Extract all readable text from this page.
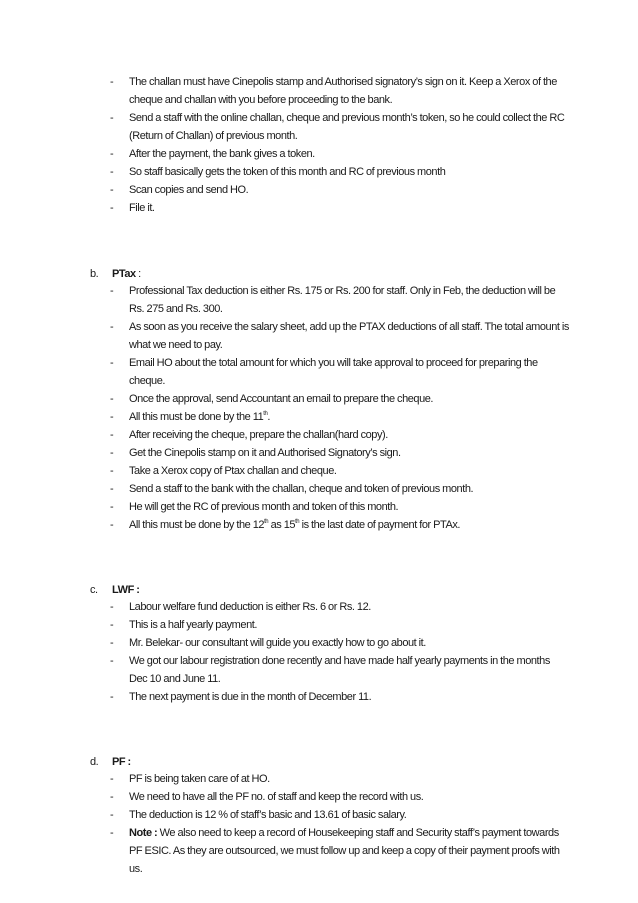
- The challan must have Cinepolis stamp and Authorised signatory’s sign on it. Keep a Xerox of the cheque and challan with you before proceeding to the bank.
- Send a staff with the online challan, cheque and previous month’s token, so he could collect the RC (Return of Challan) of previous month.
- After the payment, the bank gives a token.
- So staff basically gets the token of this month and RC of previous month
- Scan copies and send HO.
- File it.
b. PTax :
- Professional Tax deduction is either Rs. 175 or Rs. 200 for staff. Only in Feb, the deduction will be Rs. 275 and Rs. 300.
- As soon as you receive the salary sheet, add up the PTAX deductions of all staff. The total amount is what we need to pay.
- Email HO about the total amount for which you will take approval to proceed for preparing the cheque.
- Once the approval, send Accountant an email to prepare the cheque.
- All this must be done by the 11th.
- After receiving the cheque, prepare the challan(hard copy).
- Get the Cinepolis stamp on it and Authorised Signatory’s sign.
- Take a Xerox copy of Ptax challan and cheque.
- Send a staff to the bank with the challan, cheque and token of previous month.
- He will get the RC of previous month and token of this month.
- All this must be done by the 12th as 15th is the last date of payment for PTAx.
c. LWF :
- Labour welfare fund deduction is either Rs. 6 or Rs. 12.
- This is a half yearly payment.
- Mr. Belekar- our consultant will guide you exactly how to go about it.
- We got our labour registration done recently and have made half yearly payments in the months Dec 10 and June 11.
- The next payment is due in the month of December 11.
d. PF :
- PF is being taken care of at HO.
- We need to have all the PF no. of staff and keep the record with us.
- The deduction is 12 % of staff’s basic and 13.61 of basic salary.
- Note : We also need to keep a record of Housekeeping staff and Security staff’s payment towards PF ESIC. As they are outsourced, we must follow up and keep a copy of their payment proofs with us.
